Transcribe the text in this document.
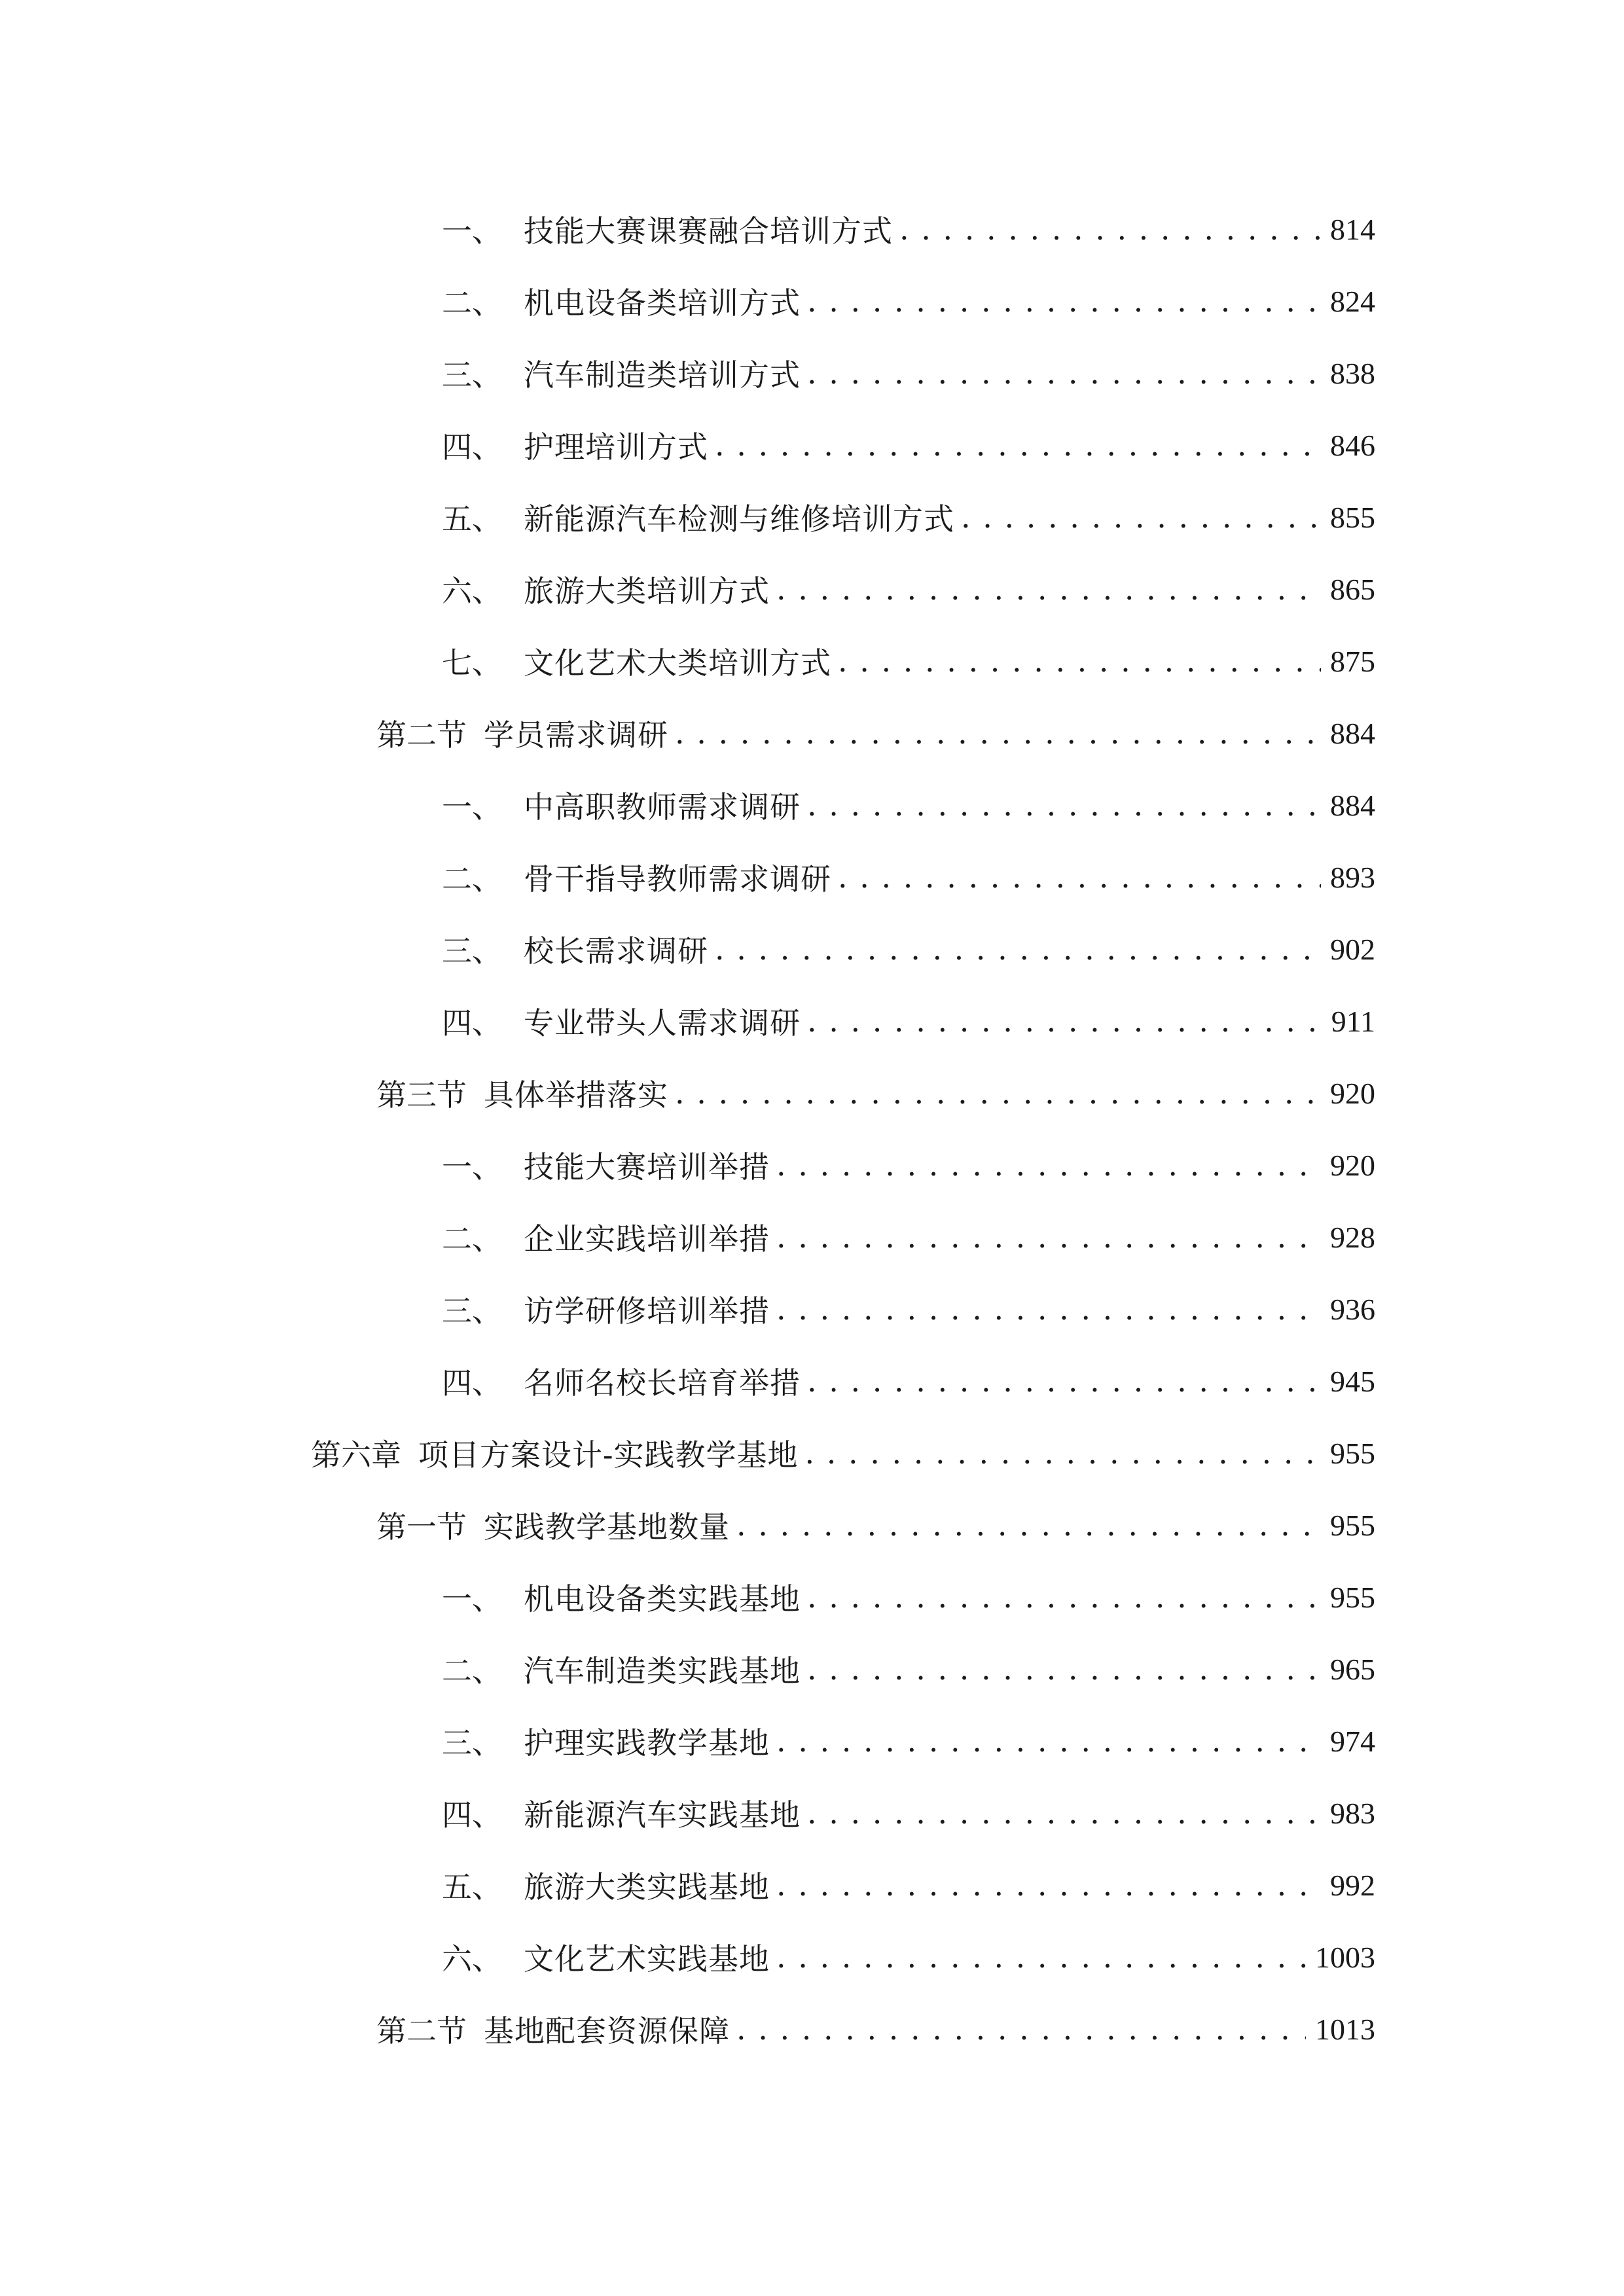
一、 技能大赛课赛融合培训方式 . . .	814
二、 机电设备类培训方式 . . .	824
三、 汽车制造类培训方式 . . .	838
四、 护理培训方式 . . .	846
五、 新能源汽车检测与维修培训方式 . . .	855
六、 旅游大类培训方式 . . .	865
七、 文化艺术大类培训方式 . . .	875
第二节 学员需求调研 . . .	884
一、 中高职教师需求调研 . . .	884
二、 骨干指导教师需求调研 . . .	893
三、 校长需求调研 . . .	902
四、 专业带头人需求调研 . . .	911
第三节 具体举措落实 . . .	920
一、 技能大赛培训举措 . . .	920
二、 企业实践培训举措 . . .	928
三、 访学研修培训举措 . . .	936
四、 名师名校长培育举措 . . .	945
第六章 项目方案设计-实践教学基地 . . .	955
第一节 实践教学基地数量 . . .	955
一、 机电设备类实践基地 . . .	955
二、 汽车制造类实践基地 . . .	965
三、 护理实践教学基地 . . .	974
四、 新能源汽车实践基地 . . .	983
五、 旅游大类实践基地 . . .	992
六、 文化艺术实践基地 . . .	1003
第二节 基地配套资源保障 . . .	1013
